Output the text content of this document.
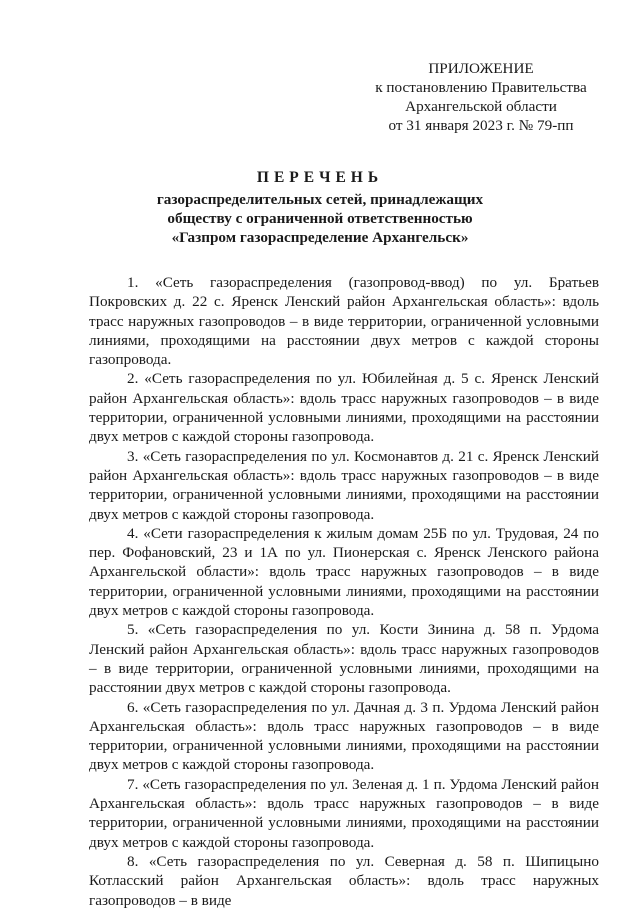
ПРИЛОЖЕНИЕ
к постановлению Правительства
Архангельской области
от 31 января 2023 г. № 79-пп
ПЕРЕЧЕНЬ
газораспределительных сетей, принадлежащих
обществу с ограниченной ответственностью
«Газпром газораспределение Архангельск»

1. «Сеть газораспределения (газопровод-ввод) по ул. Братьев Покровских д. 22 с. Яренск Ленский район Архангельская область»: вдоль трасс наружных газопроводов – в виде территории, ограниченной условными линиями, проходящими на расстоянии двух метров с каждой стороны газопровода.

2. «Сеть газораспределения по ул. Юбилейная д. 5 с. Яренск Ленский район Архангельская область»: вдоль трасс наружных газопроводов – в виде территории, ограниченной условными линиями, проходящими на расстоянии двух метров с каждой стороны газопровода.

3. «Сеть газораспределения по ул. Космонавтов д. 21 с. Яренск Ленский район Архангельская область»: вдоль трасс наружных газопроводов – в виде территории, ограниченной условными линиями, проходящими на расстоянии двух метров с каждой стороны газопровода.

4. «Сети газораспределения к жилым домам 25Б по ул. Трудовая, 24 по пер. Фофановский, 23 и 1А по ул. Пионерская с. Яренск Ленского района Архангельской области»: вдоль трасс наружных газопроводов – в виде территории, ограниченной условными линиями, проходящими на расстоянии двух метров с каждой стороны газопровода.

5. «Сеть газораспределения по ул. Кости Зинина д. 58 п. Урдома Ленский район Архангельская область»: вдоль трасс наружных газопроводов – в виде территории, ограниченной условными линиями, проходящими на расстоянии двух метров с каждой стороны газопровода.

6. «Сеть газораспределения по ул. Дачная д. 3 п. Урдома Ленский район Архангельская область»: вдоль трасс наружных газопроводов – в виде территории, ограниченной условными линиями, проходящими на расстоянии двух метров с каждой стороны газопровода.

7. «Сеть газораспределения по ул. Зеленая д. 1 п. Урдома Ленский район Архангельская область»: вдоль трасс наружных газопроводов – в виде территории, ограниченной условными линиями, проходящими на расстоянии двух метров с каждой стороны газопровода.

8. «Сеть газораспределения по ул. Северная д. 58 п. Шипицыно Котласский район Архангельская область»: вдоль трасс наружных газопроводов – в виде
